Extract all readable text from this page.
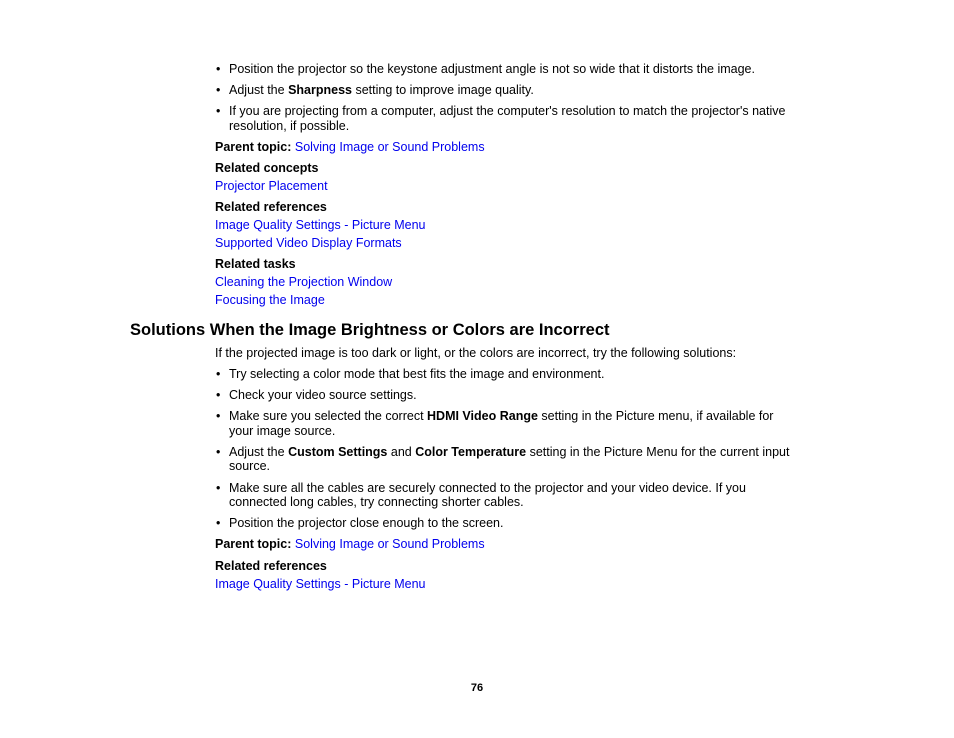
• Position the projector so the keystone adjustment angle is not so wide that it distorts the image.
• Adjust the Sharpness setting to improve image quality.
• If you are projecting from a computer, adjust the computer's resolution to match the projector's native
resolution, if possible.
Parent topic: Solving Image or Sound Problems
Related concepts
Projector Placement
Related references
Image Quality Settings - Picture Menu
Supported Video Display Formats
Related tasks
Cleaning the Projection Window
Focusing the Image
Solutions When the Image Brightness or Colors are Incorrect
If the projected image is too dark or light, or the colors are incorrect, try the following solutions:
• Try selecting a color mode that best fits the image and environment.
• Check your video source settings.
• Make sure you selected the correct HDMI Video Range setting in the Picture menu, if available for
your image source.
• Adjust the Custom Settings and Color Temperature setting in the Picture Menu for the current input
source.
• Make sure all the cables are securely connected to the projector and your video device. If you
connected long cables, try connecting shorter cables.
• Position the projector close enough to the screen.
Parent topic: Solving Image or Sound Problems
Related references
Image Quality Settings - Picture Menu
76
